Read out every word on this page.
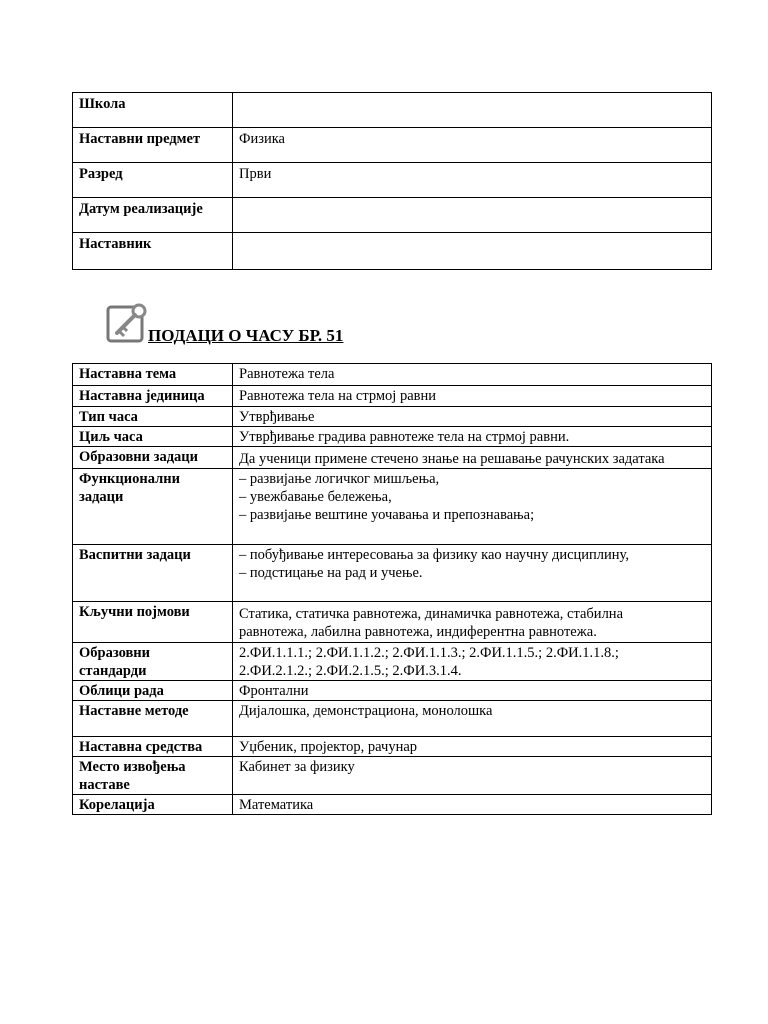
Школа	
Наставни предмет	Физика
Разред	Први
Датум реализације	
Наставник	
ПОДАЦИ О ЧАСУ БР. 51
Наставна тема	Равнотежа тела
Наставна јединица	Равнотежа тела на стрмој равни
Тип часа	Утврђивање
Циљ часа	Утврђивање градива равнотеже тела на стрмој равни.
Образовни задаци	Да ученици примене стечено знање на решавање рачунских задатака

Функционални
задаци	– развијање логичког мишљења,
– увежбавање бележења,
– развијање вештине уочавања и препознавања;

Васпитни задаци	– побуђивање интересовања за физику као научну дисциплину,
– подстицање на рад и учење.

Кључни појмови	Статика, статичка равнотежа, динамичка равнотежа, стабилна
равнотежа, лабилна равнотежа, индиферентна равнотежа.

Образовни
стандарди	2.ФИ.1.1.1.; 2.ФИ.1.1.2.; 2.ФИ.1.1.3.; 2.ФИ.1.1.5.; 2.ФИ.1.1.8.;
2.ФИ.2.1.2.; 2.ФИ.2.1.5.; 2.ФИ.3.1.4.

Облици рада	Фронтални
Наставне методе	Дијалошка, демонстрациона, монолошка
Наставна средства	Уџбеник, пројектор, рачунар

Место извођења
наставе	Кабинет за физику
Корелација	Математика
